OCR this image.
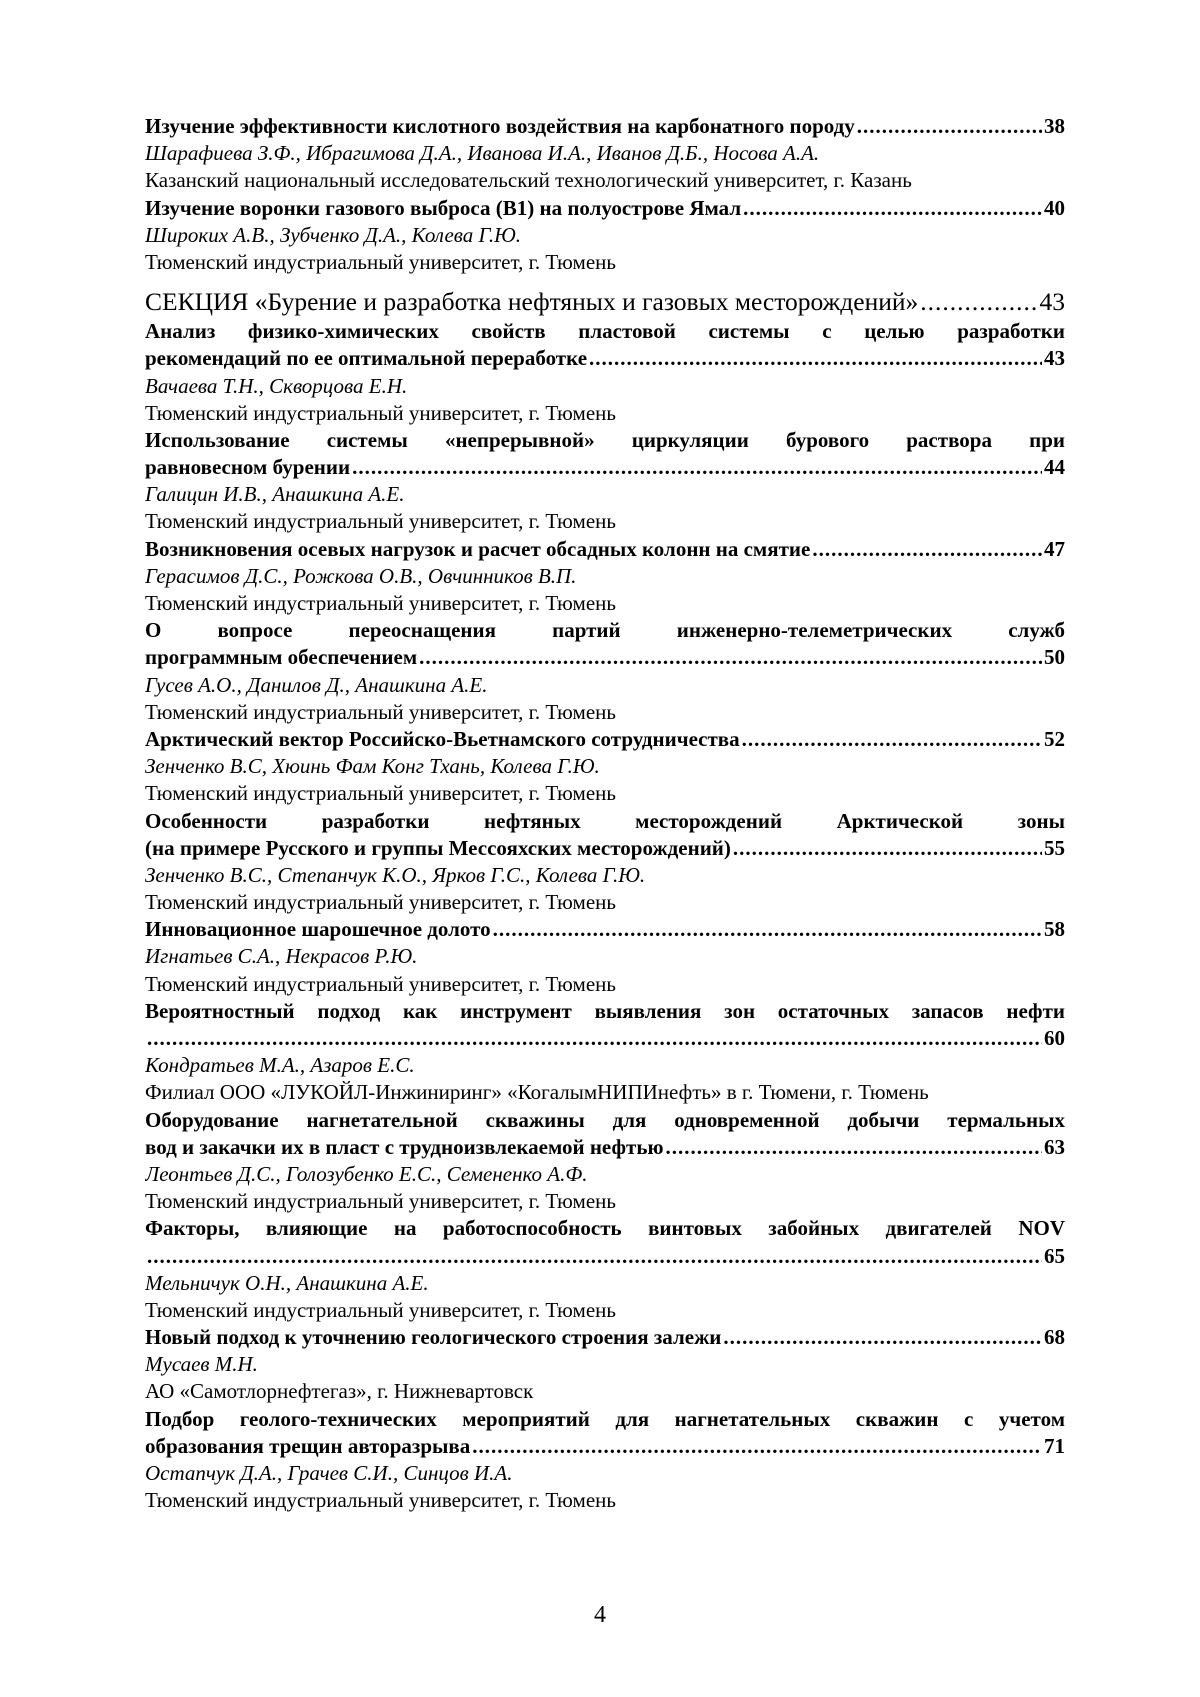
Изучение эффективности кислотного воздействия на карбонатного породу
.....	38
Шарафиева З.Ф., Ибрагимова Д.А., Иванова И.А., Иванов Д.Б., Носова А.А.
Казанский национальный исследовательский технологический университет, г. Казань
Изучение воронки газового выброса (В1) на полуострове Ямал
.....	40
Широких А.В., Зубченко Д.А., Колева Г.Ю.
Тюменский индустриальный университет, г. Тюмень
СЕКЦИЯ «Бурение и разработка нефтяных и газовых месторождений»
.....	43
Анализ физико-химических свойств пластовой системы с целью разработки
рекомендаций по ее оптимальной переработке
.....	43
Вачаева Т.Н., Скворцова Е.Н.
Тюменский индустриальный университет, г. Тюмень
Использование системы «непрерывной» циркуляции бурового раствора при
равновесном бурении
.....	44
Галицин И.В., Анашкина А.Е.
Тюменский индустриальный университет, г. Тюмень
Возникновения осевых нагрузок и расчет обсадных колонн на смятие
.....	47
Герасимов Д.С., Рожкова О.В., Овчинников В.П.
Тюменский индустриальный университет, г. Тюмень
О вопросе переоснащения партий инженерно-телеметрических служб
программным обеспечением
.....	50
Гусев А.О., Данилов Д., Анашкина А.Е.
Тюменский индустриальный университет, г. Тюмень
Арктический вектор Российско-Вьетнамского сотрудничества
.....	52
Зенченко В.С, Хюинь Фам Конг Тхань, Колева Г.Ю.
Тюменский индустриальный университет, г. Тюмень
Особенности разработки нефтяных месторождений Арктической зоны
(на примере Русского и группы Мессояхских месторождений)
.....	55
Зенченко В.С., Степанчук К.О., Ярков Г.С., Колева Г.Ю.
Тюменский индустриальный университет, г. Тюмень
Инновационное шарошечное долото
.....	58
Игнатьев С.А., Некрасов Р.Ю.
Тюменский индустриальный университет, г. Тюмень
Вероятностный подход как инструмент выявления зон остаточных запасов нефти
.....
60
Кондратьев М.А., Азаров Е.С.
Филиал ООО «ЛУКОЙЛ-Инжиниринг» «КогалымНИПИнефть» в г. Тюмени, г. Тюмень
Оборудование нагнетательной скважины для одновременной добычи термальных
вод и закачки их в пласт с трудноизвлекаемой нефтью
.....	63
Леонтьев Д.С., Голозубенко Е.С., Семененко А.Ф.
Тюменский индустриальный университет, г. Тюмень
Факторы, влияющие на работоспособность винтовых забойных двигателей NOV
.....
65
Мельничук О.Н., Анашкина А.Е.
Тюменский индустриальный университет, г. Тюмень
Новый подход к уточнению геологического строения залежи
.....	68
Мусаев М.Н.
АО «Самотлорнефтегаз», г. Нижневартовск
Подбор геолого-технических мероприятий для нагнетательных скважин с учетом
образования трещин авторазрыва
.....	71
Остапчук Д.А., Грачев С.И., Синцов И.А.
Тюменский индустриальный университет, г. Тюмень
4
